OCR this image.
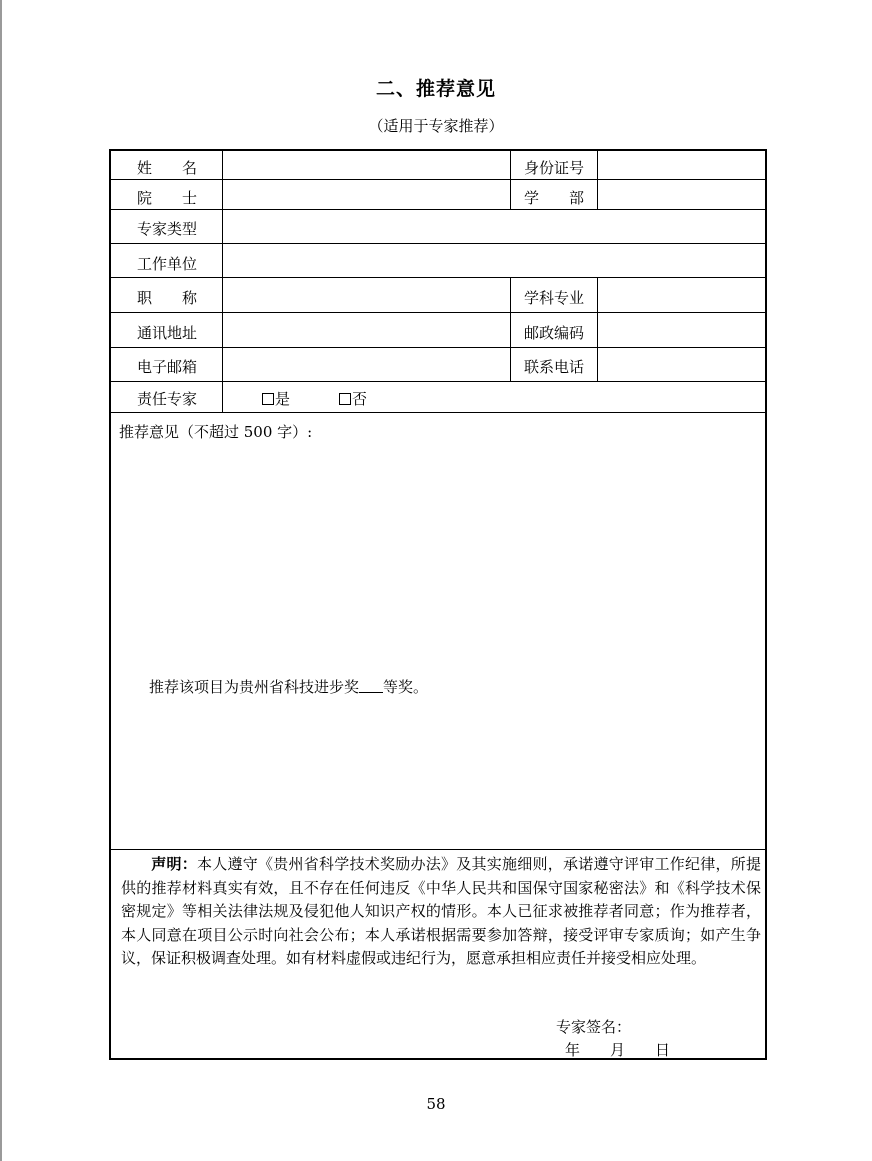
二、推荐意见
（适用于专家推荐）
姓　　名	身份证号
院　　士	学　　部
专家类型
工作单位
职　　称	学科专业
通讯地址	邮政编码
电子邮箱	联系电话
责任专家	是	否
推荐意见（不超过 500 字）:
推荐该项目为贵州省科技进步奖 等奖。
声明：本人遵守《贵州省科学技术奖励办法》及其实施细则，承诺遵守评审工作纪律，所提供的推荐材料真实有效，且不存在任何违反《中华人民共和国保守国家秘密法》和《科学技术保密规定》等相关法律法规及侵犯他人知识产权的情形。本人已征求被推荐者同意；作为推荐者，本人同意在项目公示时向社会公布；本人承诺根据需要参加答辩，接受评审专家质询；如产生争议，保证积极调查处理。如有材料虚假或违纪行为，愿意承担相应责任并接受相应处理。
专家签名：
年　　月　　日
58
